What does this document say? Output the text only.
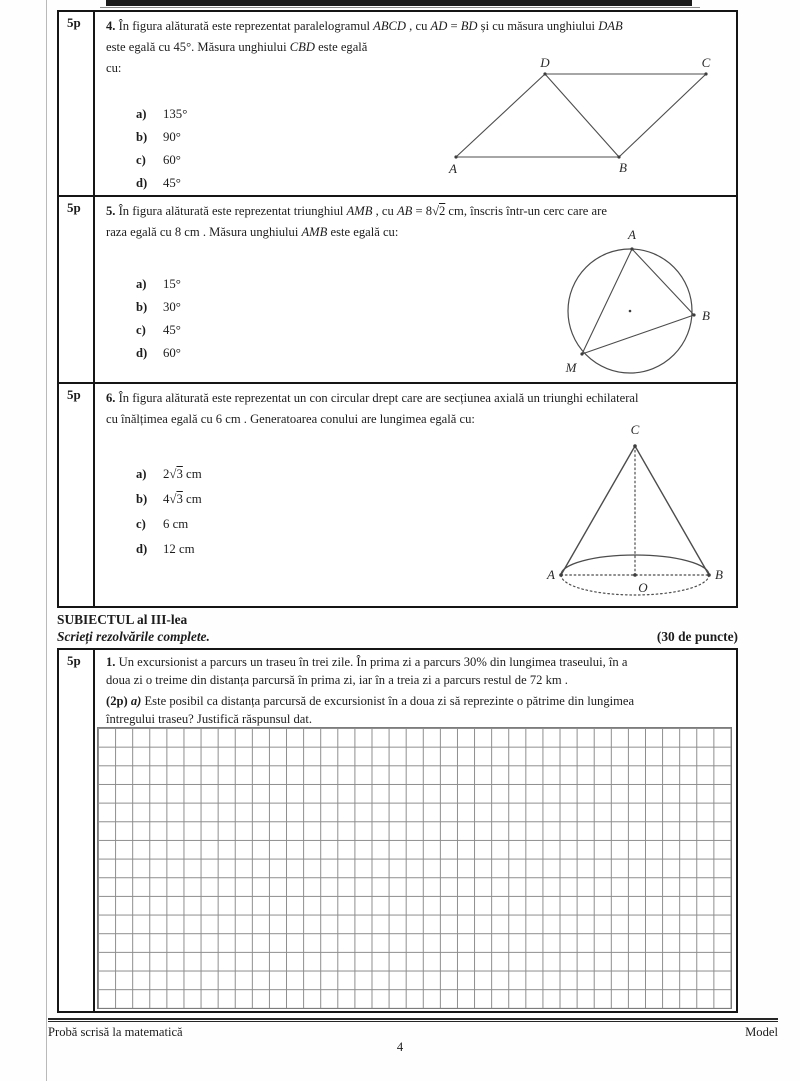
5p	4. În figura alăturată este reprezentat paralelogramul ABCD , cu AD = BD și cu măsura unghiului DAB
este egală cu 45°. Măsura unghiului CBD este egală
cu:
a)	135°
b)	90°
c)	60°
d)	45°
D	C
A	B
5p	5. În figura alăturată este reprezentat triunghiul AMB , cu AB = 8√2 cm, înscris într-un cerc care are
raza egală cu 8 cm . Măsura unghiului AMB este egală cu:
a)	15°
b)	30°
c)	45°
d)	60°
A
B
M
5p	6. În figura alăturată este reprezentat un con circular drept care are secțiunea axială un triunghi echilateral
cu înălțimea egală cu 6 cm . Generatoarea conului are lungimea egală cu:
a)	2√3 cm
b)	4√3 cm
c)	6 cm
d)	12 cm
C
A	B
O
SUBIECTUL al III-lea
Scrieți rezolvările complete.	(30 de puncte)
5p	1. Un excursionist a parcurs un traseu în trei zile. În prima zi a parcurs 30% din lungimea traseului, în a
doua zi o treime din distanța parcursă în prima zi, iar în a treia zi a parcurs restul de 72 km .
(2p) a) Este posibil ca distanța parcursă de excursionist în a doua zi să reprezinte o pătrime din lungimea
întregului traseu? Justifică răspunsul dat.
Probă scrisă la matematică	Model
4
